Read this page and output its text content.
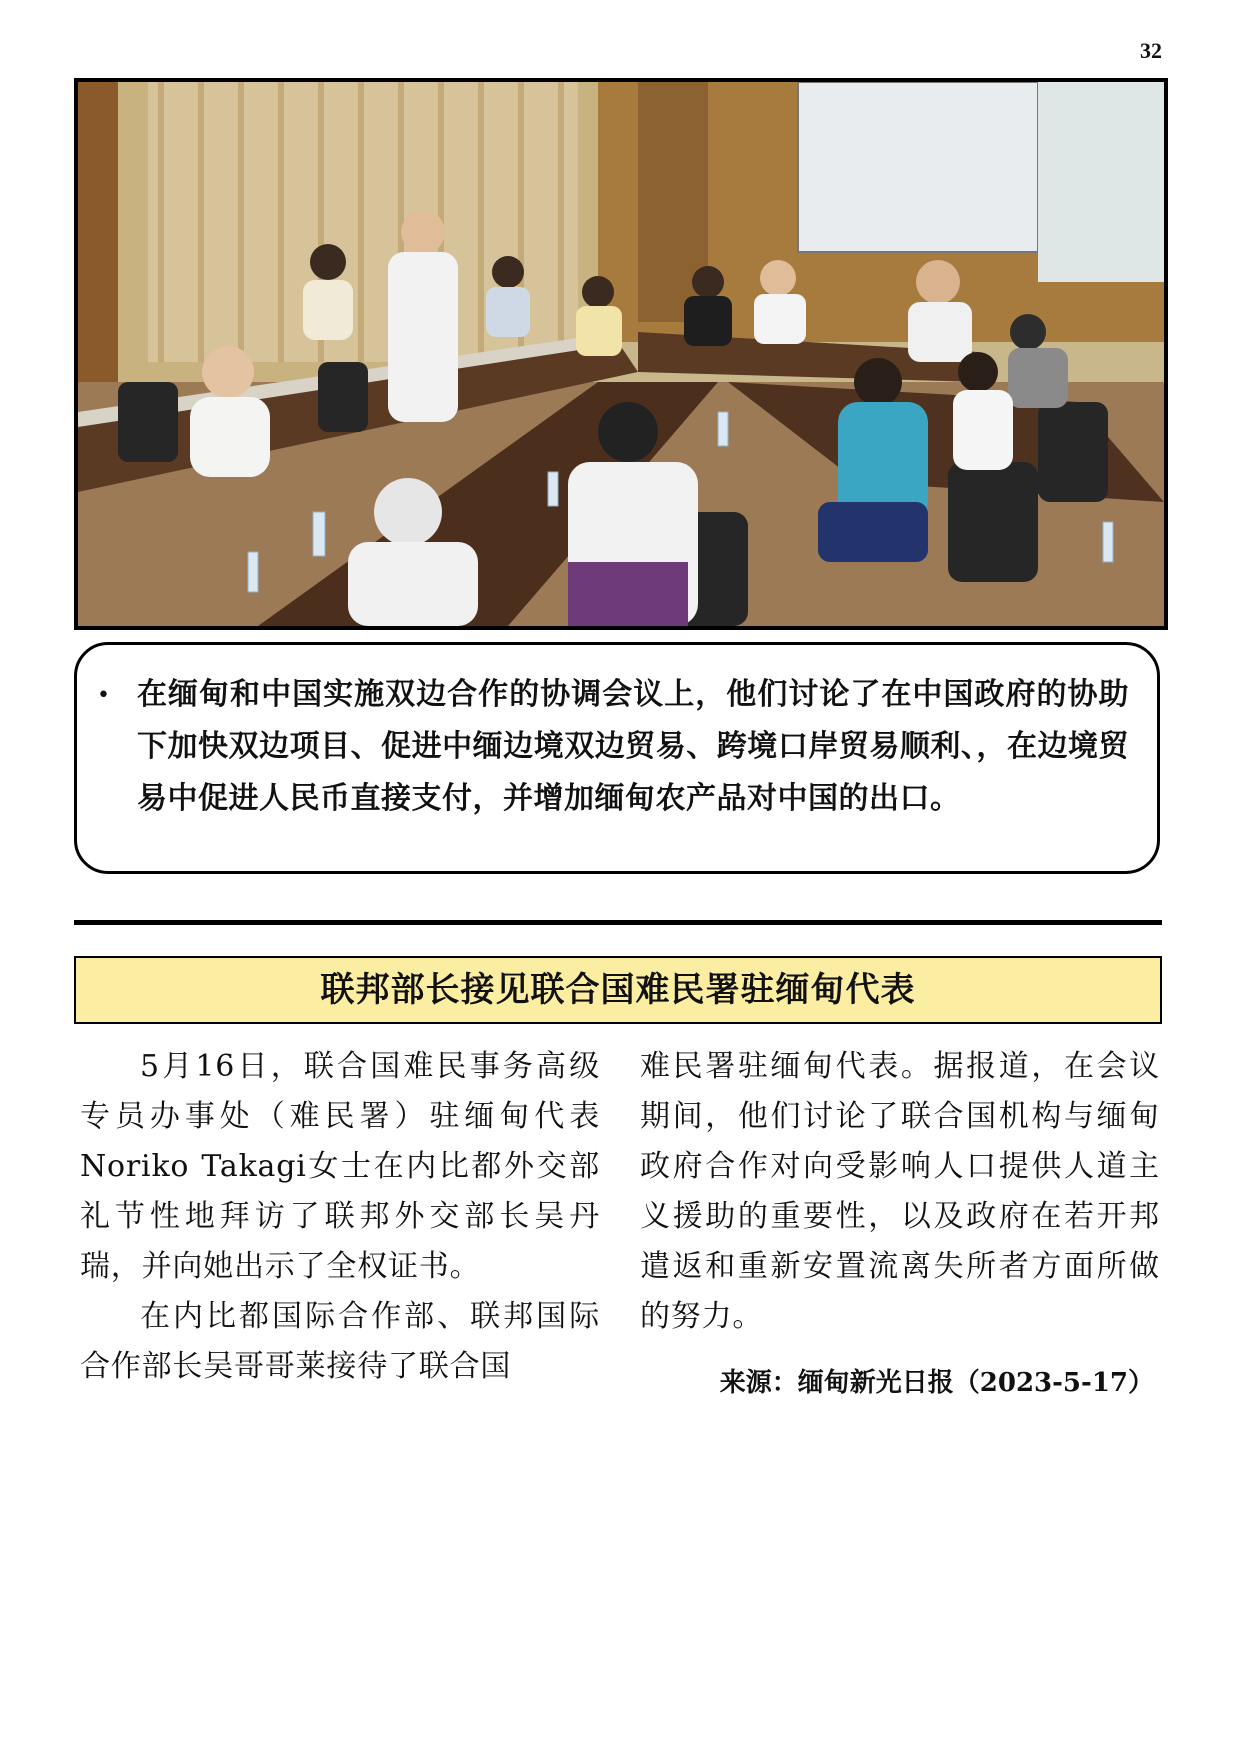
32
• 在缅甸和中国实施双边合作的协调会议上，他们讨论了在中国政府的协助下加快双边项目、促进中缅边境双边贸易、跨境口岸贸易顺利、，在边境贸易中促进人民币直接支付，并增加缅甸农产品对中国的出口。

联邦部长接见联合国难民署驻缅甸代表

5月16日，联合国难民事务高级专员办事处（难民署）驻缅甸代表Noriko Takagi女士在内比都外交部礼节性地拜访了联邦外交部长吴丹瑞，并向她出示了全权证书。

在内比都国际合作部、联邦国际合作部长吴哥哥莱接待了联合国

难民署驻缅甸代表。据报道，在会议期间，他们讨论了联合国机构与缅甸政府合作对向受影响人口提供人道主义援助的重要性，以及政府在若开邦遣返和重新安置流离失所者方面所做的努力。

来源：缅甸新光日报（2023-5-17）
